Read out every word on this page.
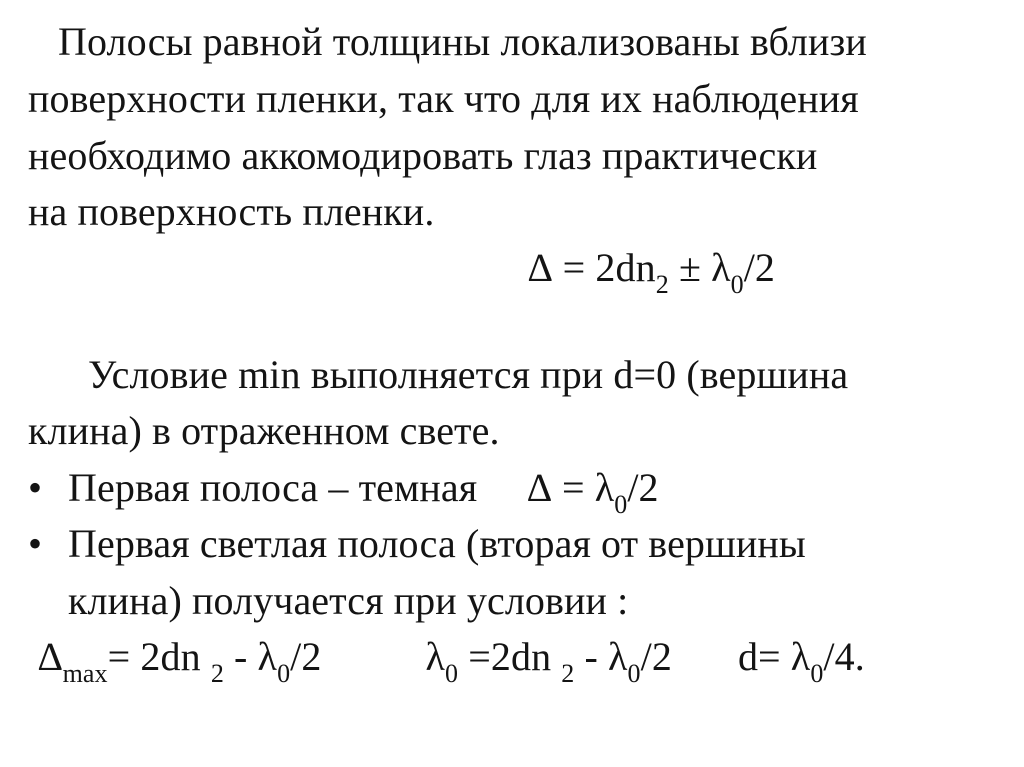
Полосы равной толщины локализованы вблизи
поверхности пленки, так что для их наблюдения
необходимо аккомодировать глаз практически
на поверхность пленки.
∆ = $2dn_2 \pm \lambda_0/2$
Условие min выполняется при d=0 (вершина
клина) в отраженном свете.
• Первая полоса – темная ∆ = $\lambda_0/2$
• Первая светлая полоса (вторая от вершины
клина) получается при условии :
$\Delta_{max}= 2dn$ $_2 - \lambda_0/2$	$\lambda_0 =2dn$ $_2 - \lambda_0/2$ $d= \lambda_0/4$.
